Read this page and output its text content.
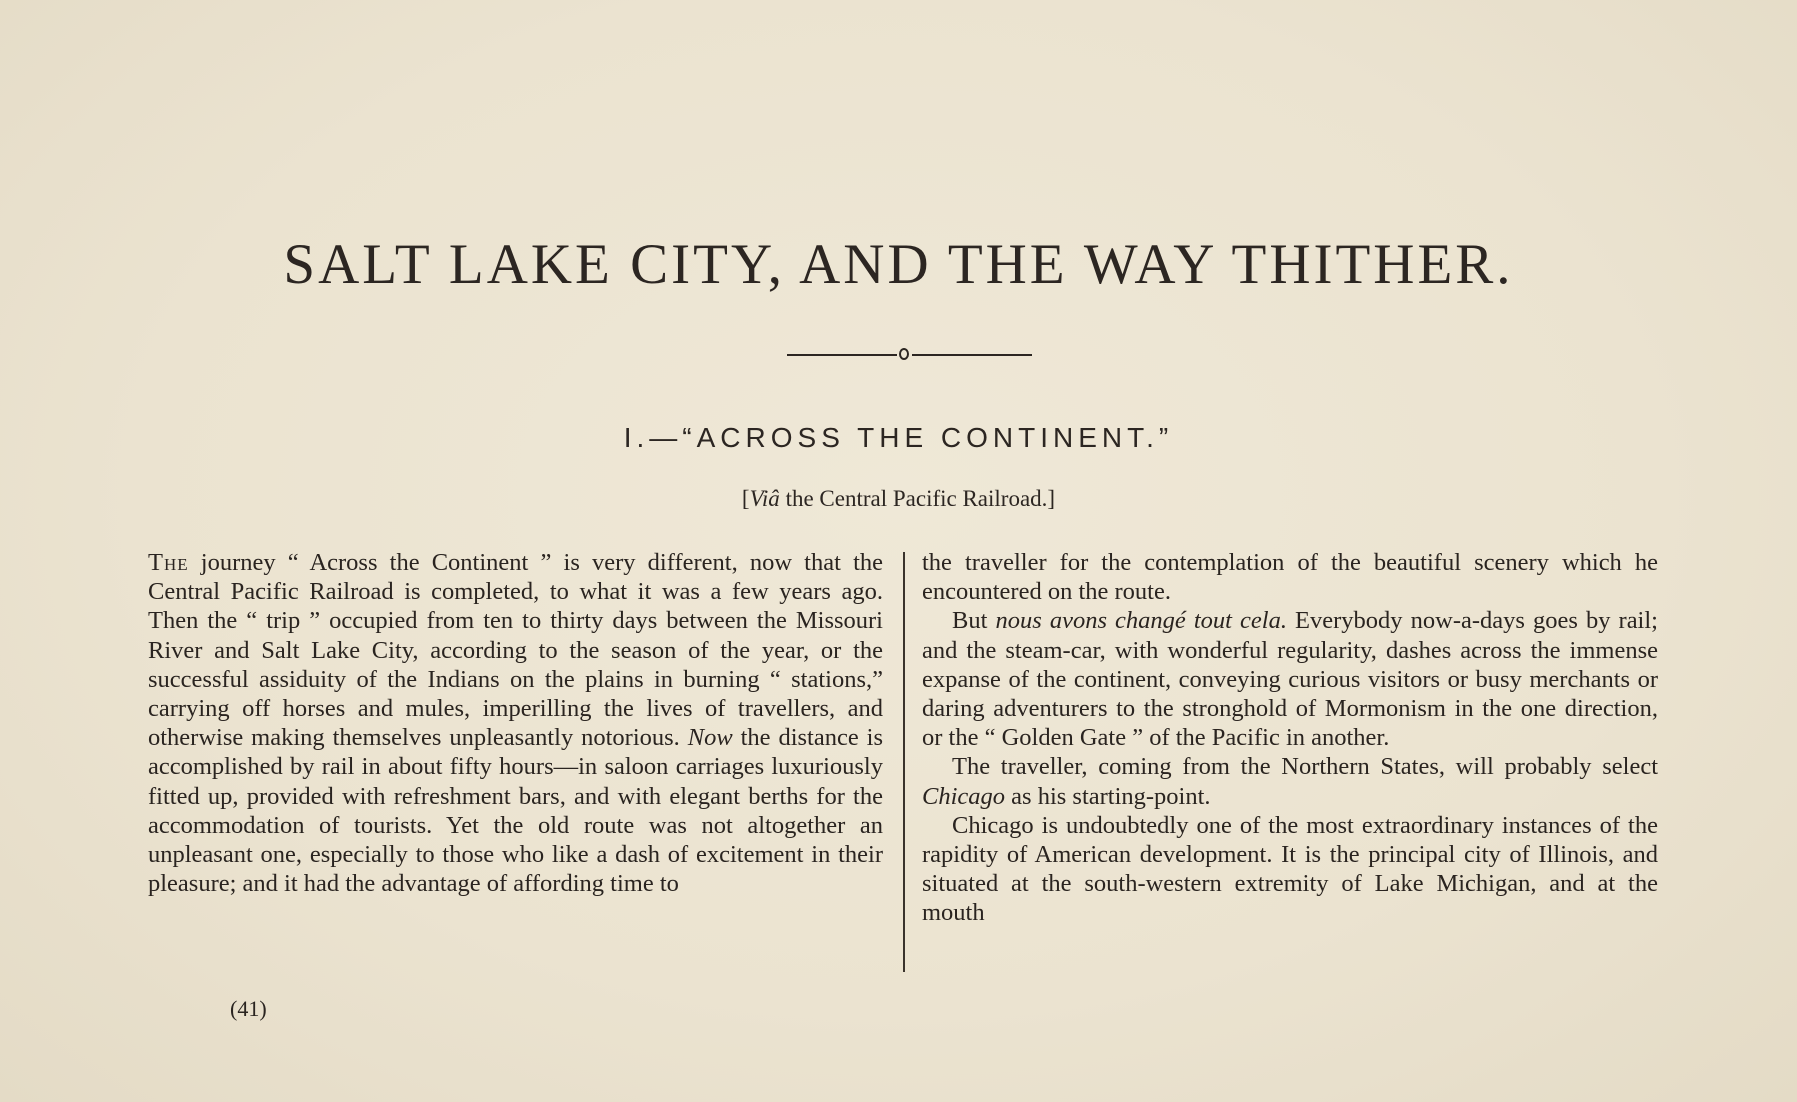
SALT LAKE CITY, AND THE WAY THITHER.
I.—“ACROSS THE CONTINENT.”
[Viâ the Central Pacific Railroad.]

The journey “ Across the Continent ” is very different, now that the Central Pacific Railroad is completed, to what it was a few years ago. Then the “ trip ” occupied from ten to thirty days between the Missouri River and Salt Lake City, according to the season of the year, or the successful assiduity of the Indians on the plains in burning “ stations,” carrying off horses and mules, imperilling the lives of travellers, and otherwise making themselves unpleasantly notorious. Now the distance is accomplished by rail in about fifty hours—in saloon carriages luxuriously fitted up, provided with refreshment bars, and with elegant berths for the accommodation of tourists. Yet the old route was not altogether an unpleasant one, especially to those who like a dash of excitement in their pleasure; and it had the advantage of affording time to

the traveller for the contemplation of the beautiful scenery which he encountered on the route.

But nous avons changé tout cela. Everybody now-a-days goes by rail; and the steam-car, with wonderful regularity, dashes across the immense expanse of the continent, conveying curious visitors or busy merchants or daring adventurers to the stronghold of Mormonism in the one direction, or the “ Golden Gate ” of the Pacific in another.

The traveller, coming from the Northern States, will probably select Chicago as his starting-point.

Chicago is undoubtedly one of the most extraordinary instances of the rapidity of American development. It is the principal city of Illinois, and situated at the south-western extremity of Lake Michigan, and at the mouth

(41)
